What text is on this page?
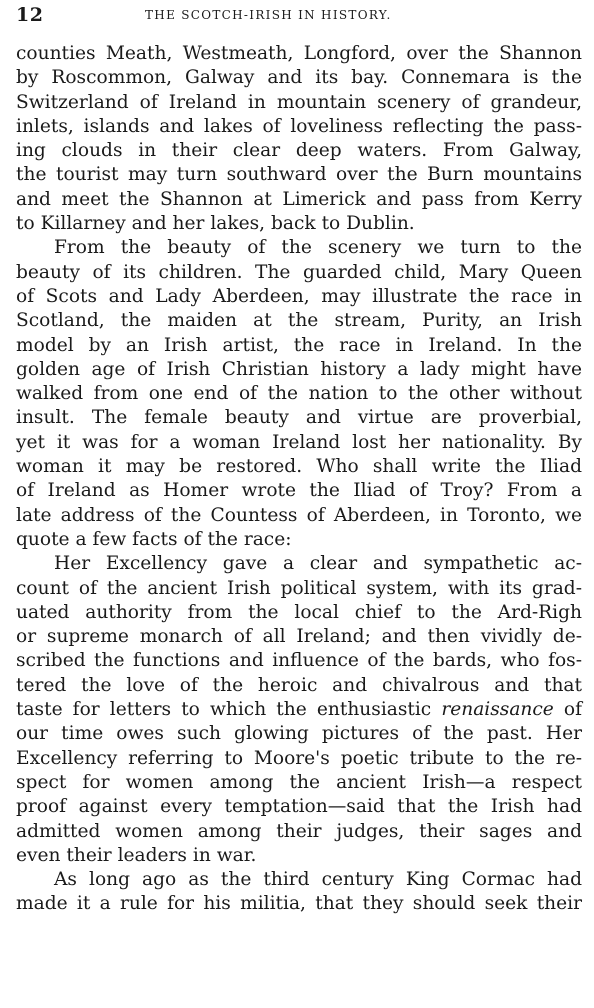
12	THE SCOTCH-IRISH IN HISTORY.
counties Meath, Westmeath, Longford, over the Shannon
by Roscommon, Galway and its bay. Connemara is the
Switzerland of Ireland in mountain scenery of grandeur,
inlets, islands and lakes of loveliness reflecting the pass-
ing clouds in their clear deep waters. From Galway,
the tourist may turn southward over the Burn mountains
and meet the Shannon at Limerick and pass from Kerry
to Killarney and her lakes, back to Dublin.
From the beauty of the scenery we turn to the
beauty of its children. The guarded child, Mary Queen
of Scots and Lady Aberdeen, may illustrate the race in
Scotland, the maiden at the stream, Purity, an Irish
model by an Irish artist, the race in Ireland. In the
golden age of Irish Christian history a lady might have
walked from one end of the nation to the other without
insult. The female beauty and virtue are proverbial,
yet it was for a woman Ireland lost her nationality. By
woman it may be restored. Who shall write the Iliad
of Ireland as Homer wrote the Iliad of Troy? From a
late address of the Countess of Aberdeen, in Toronto, we
quote a few facts of the race:
Her Excellency gave a clear and sympathetic ac-
count of the ancient Irish political system, with its grad-
uated authority from the local chief to the Ard-Righ
or supreme monarch of all Ireland; and then vividly de-
scribed the functions and influence of the bards, who fos-
tered the love of the heroic and chivalrous and that
taste for letters to which the enthusiastic renaissance of
our time owes such glowing pictures of the past. Her
Excellency referring to Moore's poetic tribute to the re-
spect for women among the ancient Irish—a respect
proof against every temptation—said that the Irish had
admitted women among their judges, their sages and
even their leaders in war.
As long ago as the third century King Cormac had
made it a rule for his militia, that they should seek their
